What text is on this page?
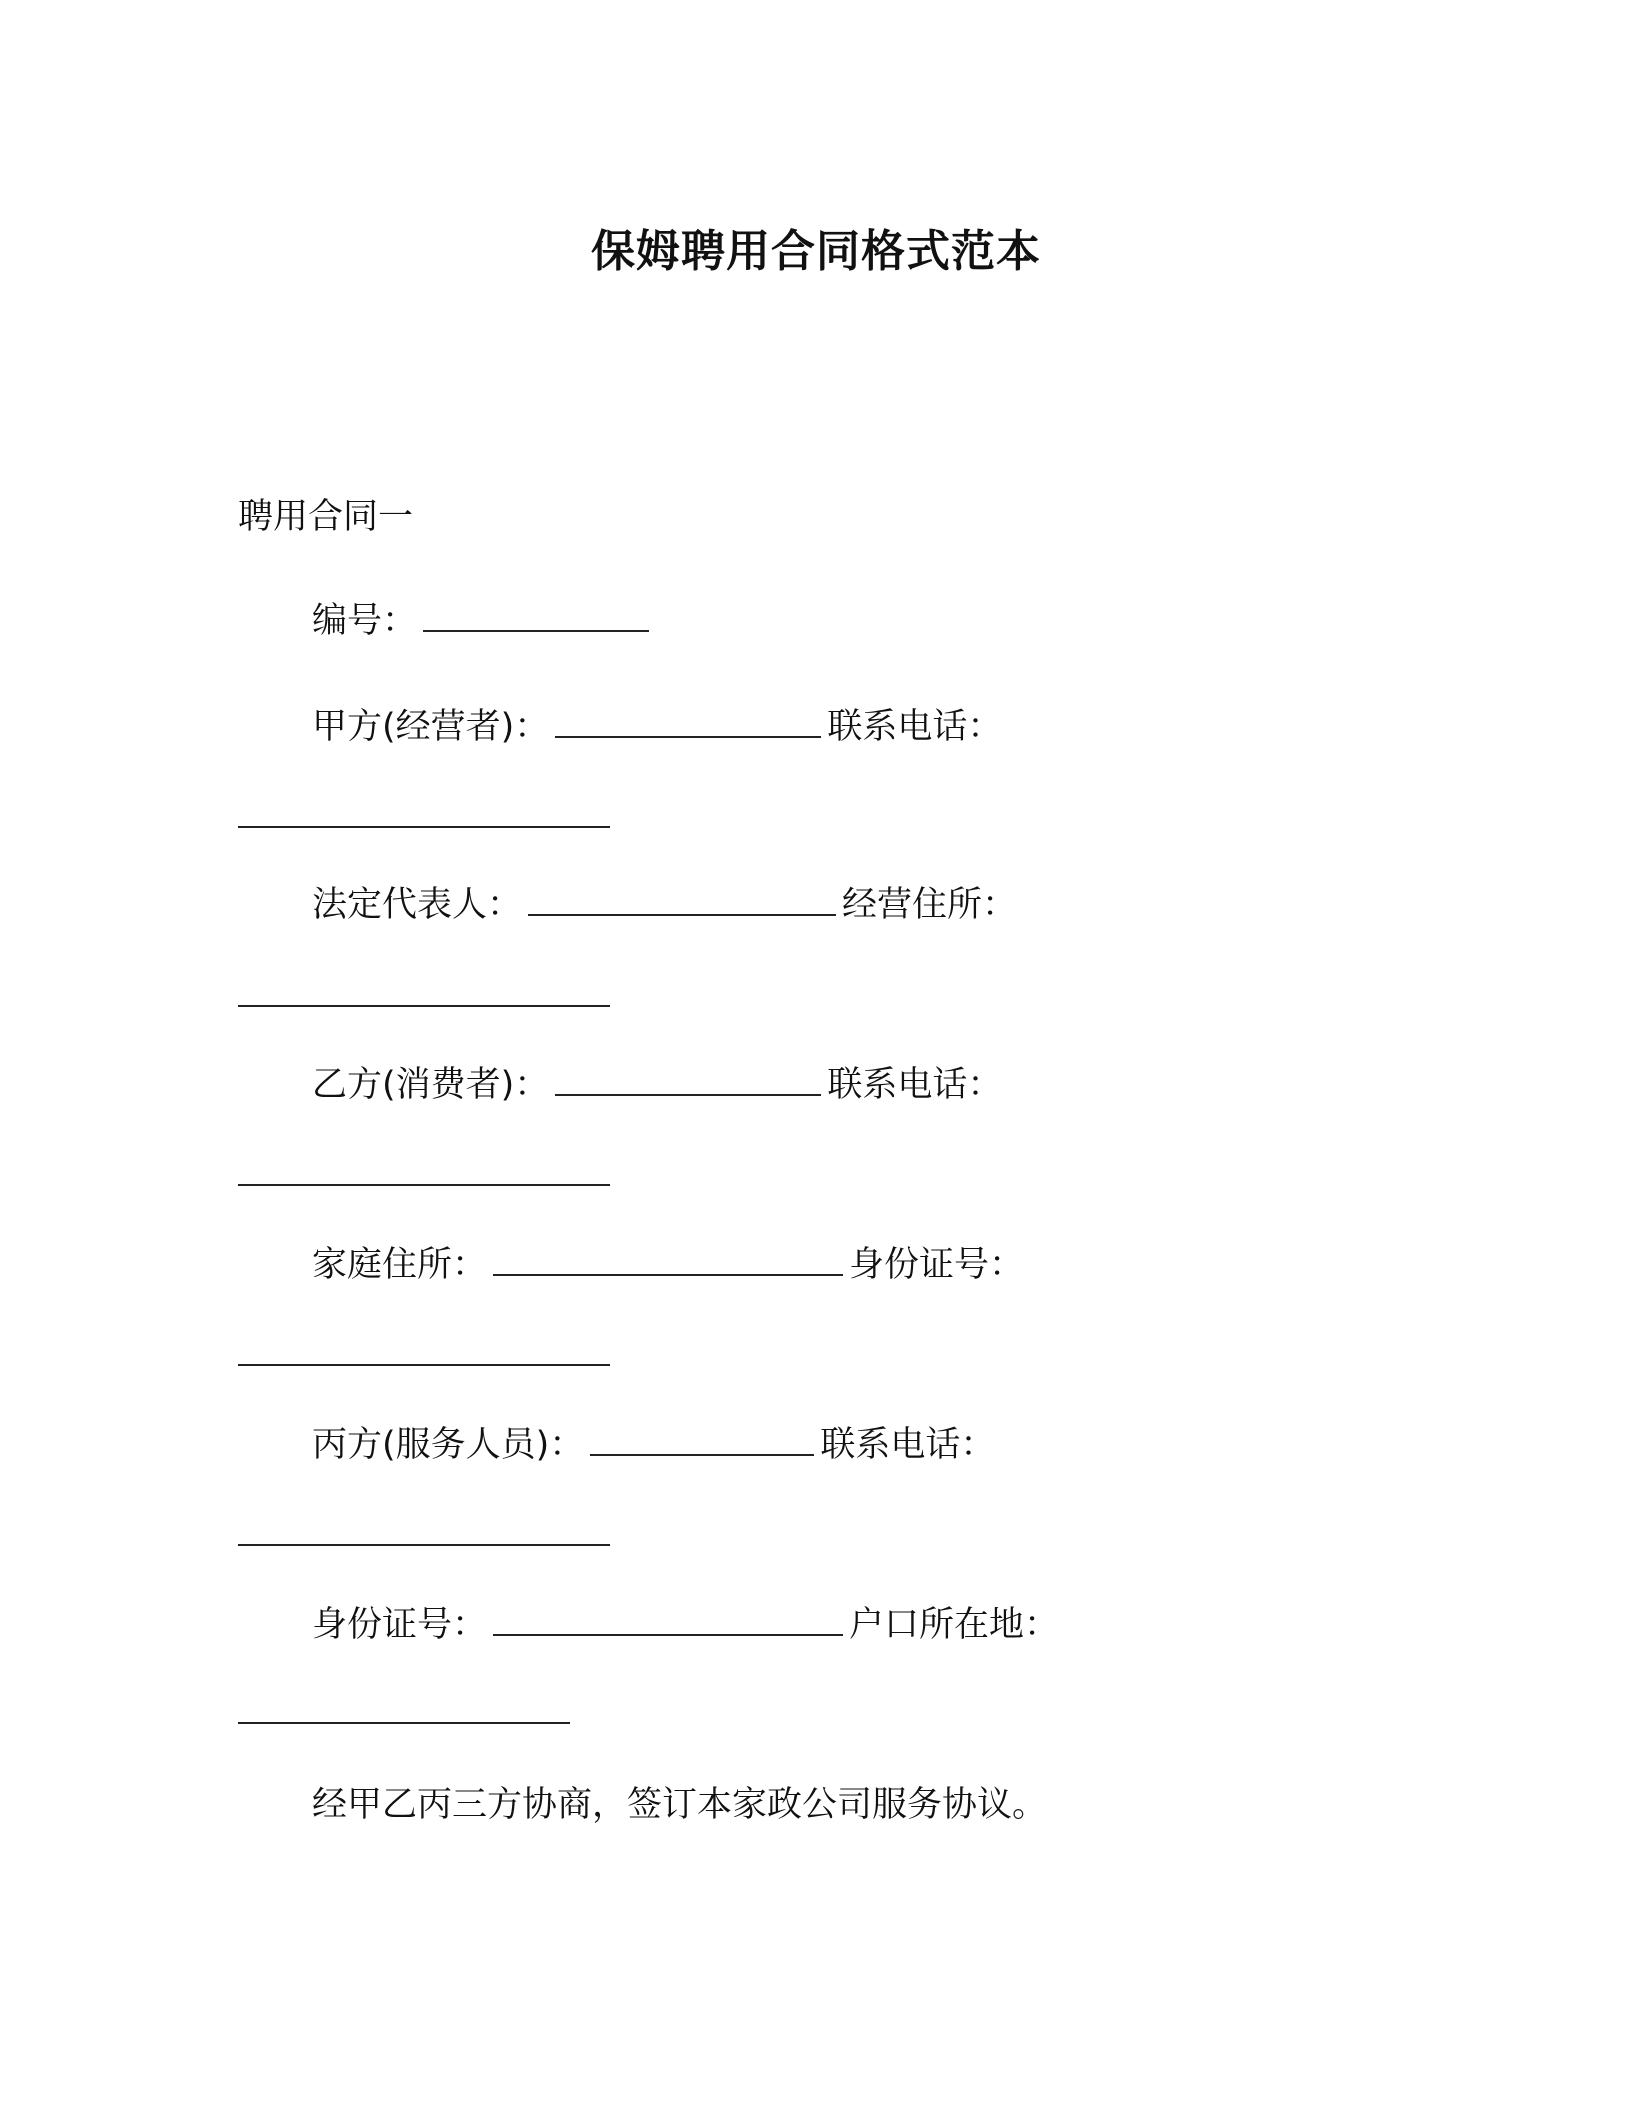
保姆聘用合同格式范本
聘用合同一
编号：
甲方(经营者)：	联系电话：
法定代表人：	经营住所：
乙方(消费者)：	联系电话：
家庭住所：	身份证号：
丙方(服务人员)：	联系电话：
身份证号：	户口所在地：
经甲乙丙三方协商，签订本家政公司服务协议。
